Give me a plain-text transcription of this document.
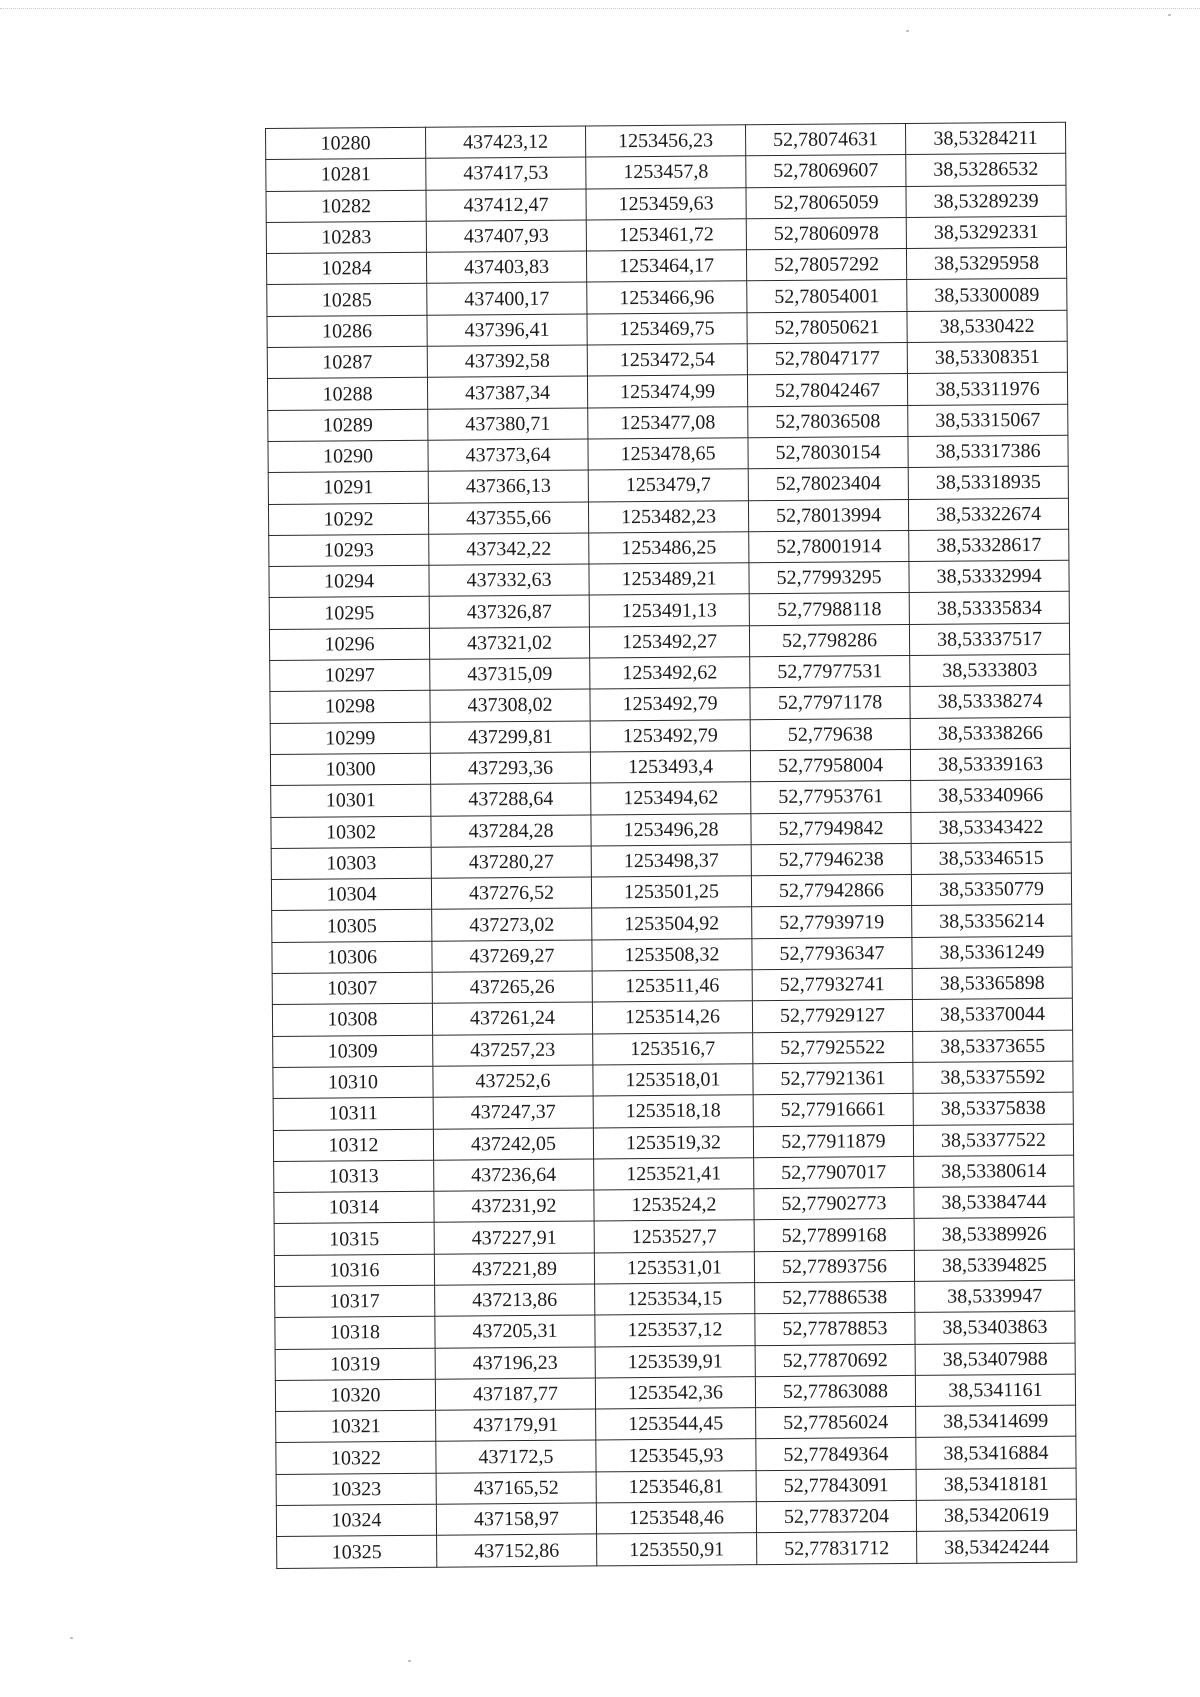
10280	437423,12	1253456,23	52,78074631	38,53284211
10281	437417,53	1253457,8	52,78069607	38,53286532
10282	437412,47	1253459,63	52,78065059	38,53289239
10283	437407,93	1253461,72	52,78060978	38,53292331
10284	437403,83	1253464,17	52,78057292	38,53295958
10285	437400,17	1253466,96	52,78054001	38,53300089
10286	437396,41	1253469,75	52,78050621	38,5330422
10287	437392,58	1253472,54	52,78047177	38,53308351
10288	437387,34	1253474,99	52,78042467	38,53311976
10289	437380,71	1253477,08	52,78036508	38,53315067
10290	437373,64	1253478,65	52,78030154	38,53317386
10291	437366,13	1253479,7	52,78023404	38,53318935
10292	437355,66	1253482,23	52,78013994	38,53322674
10293	437342,22	1253486,25	52,78001914	38,53328617
10294	437332,63	1253489,21	52,77993295	38,53332994
10295	437326,87	1253491,13	52,77988118	38,53335834
10296	437321,02	1253492,27	52,7798286	38,53337517
10297	437315,09	1253492,62	52,77977531	38,5333803
10298	437308,02	1253492,79	52,77971178	38,53338274
10299	437299,81	1253492,79	52,779638	38,53338266
10300	437293,36	1253493,4	52,77958004	38,53339163
10301	437288,64	1253494,62	52,77953761	38,53340966
10302	437284,28	1253496,28	52,77949842	38,53343422
10303	437280,27	1253498,37	52,77946238	38,53346515
10304	437276,52	1253501,25	52,77942866	38,53350779
10305	437273,02	1253504,92	52,77939719	38,53356214
10306	437269,27	1253508,32	52,77936347	38,53361249
10307	437265,26	1253511,46	52,77932741	38,53365898
10308	437261,24	1253514,26	52,77929127	38,53370044
10309	437257,23	1253516,7	52,77925522	38,53373655
10310	437252,6	1253518,01	52,77921361	38,53375592
10311	437247,37	1253518,18	52,77916661	38,53375838
10312	437242,05	1253519,32	52,77911879	38,53377522
10313	437236,64	1253521,41	52,77907017	38,53380614
10314	437231,92	1253524,2	52,77902773	38,53384744
10315	437227,91	1253527,7	52,77899168	38,53389926
10316	437221,89	1253531,01	52,77893756	38,53394825
10317	437213,86	1253534,15	52,77886538	38,5339947
10318	437205,31	1253537,12	52,77878853	38,53403863
10319	437196,23	1253539,91	52,77870692	38,53407988
10320	437187,77	1253542,36	52,77863088	38,5341161
10321	437179,91	1253544,45	52,77856024	38,53414699
10322	437172,5	1253545,93	52,77849364	38,53416884
10323	437165,52	1253546,81	52,77843091	38,53418181
10324	437158,97	1253548,46	52,77837204	38,53420619
10325	437152,86	1253550,91	52,77831712	38,53424244
